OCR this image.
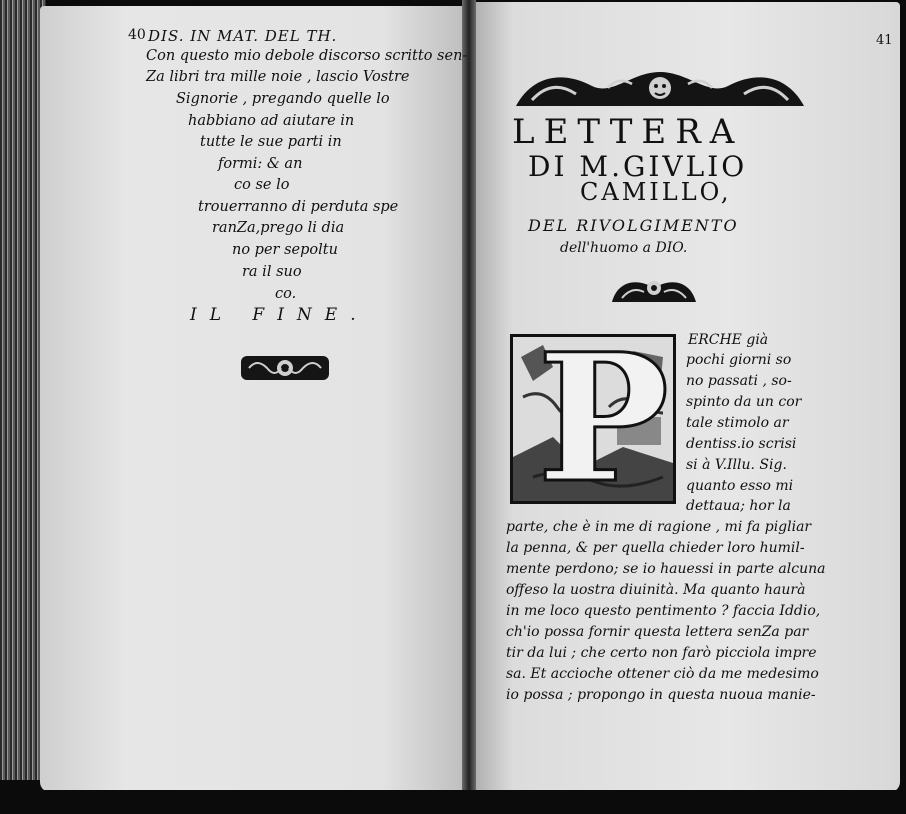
40 DIS. IN MAT. DEL TH.
Con questo mio debole discorso scritto sen-
Za libri tra mille noie , lascio Vostre
Signorie , pregando quelle lo
habbiano ad aiutare in
tutte le sue parti in
formi: & an
co se lo
trouerranno di perduta spe
ranZa,prego li dia
no per sepoltu
ra il suo
co.
IL FINE.
41
LETTERA
DI M.GIVLIO
CAMILLO,
DEL RIVOLGIMENTO
dell'huomo a DIO.
P ERCHE già
pochi giorni so
no passati , so-
spinto da un cor
tale stimolo ar
dentiss.io scrisi
si à V.Illu. Sig.
quanto esso mi
dettaua; hor la
parte, che è in me di ragione , mi fa pigliar
la penna, & per quella chieder loro humil-
mente perdono; se io hauessi in parte alcuna
offeso la uostra diuinità. Ma quanto haurà
in me loco questo pentimento ? faccia Iddio,
ch'io possa fornir questa lettera senZa par
tir da lui ; che certo non farò picciola impre
sa. Et accioche ottener ciò da me medesimo
io possa ; propongo in questa nuoua manie-
